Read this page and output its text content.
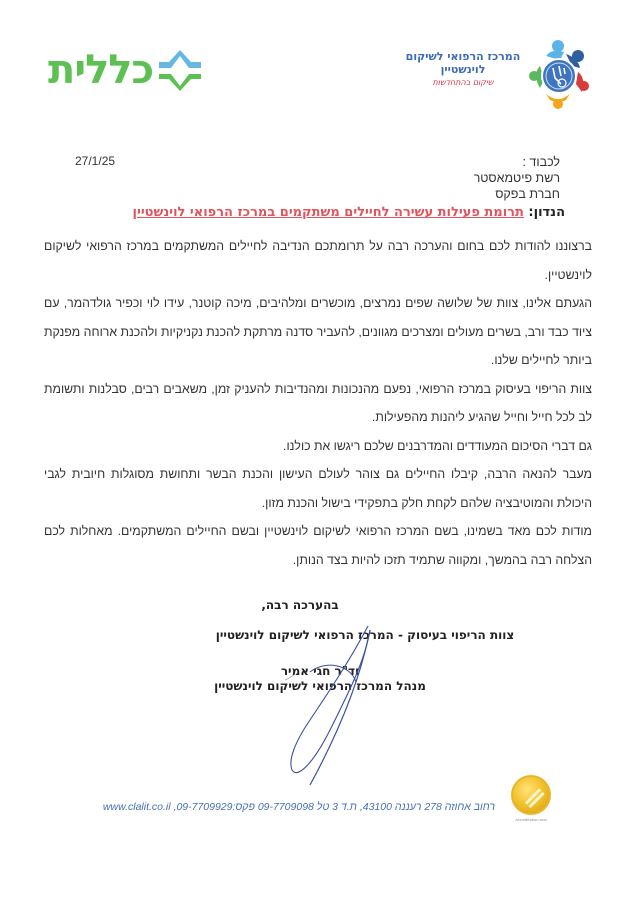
כללית	המרכז הרפואי לשיקום
לוינשטיין
שיקום בהתחדשות
27/1/25	לכבוד :
רשת פיטמאסטר
חברת בפקס
הנדון: תרומת פעילות עשירה לחיילים משתקמים במרכז הרפואי לוינשטיין

ברצוננו להודות לכם בחום והערכה רבה על תרומתכם הנדיבה לחיילים המשתקמים במרכז הרפואי לשיקום לוינשטיין.

הגעתם אלינו, צוות של שלושה שפים נמרצים, מוכשרים ומלהיבים, מיכה קוטנר, עידו לוי וכפיר גולדהמר, עם ציוד כבד ורב, בשרים מעולים ומצרכים מגוונים, להעביר סדנה מרתקת להכנת נקניקיות ולהכנת ארוחה מפנקת ביותר לחיילים שלנו.

צוות הריפוי בעיסוק במרכז הרפואי, נפעם מהנכונות ומהנדיבות להעניק זמן, משאבים רבים, סבלנות ותשומת לב לכל חייל וחייל שהגיע ליהנות מהפעילות.

גם דברי הסיכום המעודדים והמדרבנים שלכם ריגשו את כולנו.

מעבר להנאה הרבה, קיבלו החיילים גם צוהר לעולם העישון והכנת הבשר ותחושת מסוגלות חיובית לגבי היכולת והמוטיבציה שלהם לקחת חלק בתפקידי בישול והכנת מזון.

מודות לכם מאד בשמינו, בשם המרכז הרפואי לשיקום לוינשטיין ובשם החיילים המשתקמים. מאחלות לכם הצלחה רבה בהמשך, ומקווה שתמיד תזכו להיות בצד הנותן.

בהערכה רבה,
צוות הריפוי בעיסוק - המרכז הרפואי לשיקום לוינשטיין
וד"ר חגי אמיר
מנהל המרכז הרפואי לשיקום לוינשטיין
רחוב אחוזה 278 רעננה 43100, ת.ד 3 טל 09-7709098 פקס:09-7709929, www.clalit.co.il
Accreditation seal
